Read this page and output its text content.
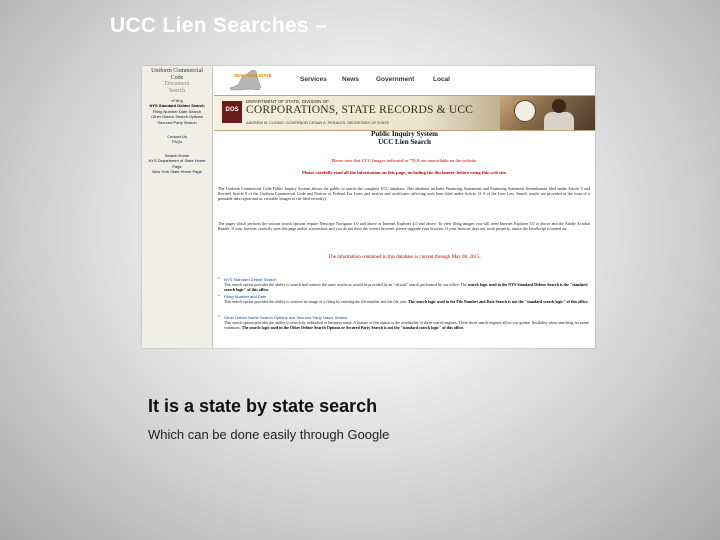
UCC Lien Searches –
Uniform Commercial
Code
Document
Search
eFiling
NYS Standard Debtor Search
Filing Number Date Search
Other Debtor Search Options
Secured Party Search
Contact Us
FAQs
Search Home
NYS Department of State Home
Page
New York State Home Page
NEW YORK STATE
Services News	Government	Local
DOS
DEPARTMENT OF STATE, DIVISION OF
CORPORATIONS, STATE RECORDS & UCC
ANDREW M. CUOMO, GOVERNOR CESAR A. PERALES, SECRETARY OF STATE
Public Inquiry System
UCC Lien Search
Please note that UCC Images indicated as *N/A are unavailable on the website.
Please carefully read all the information on this page, including the disclaimer, before using this web site.
The Uniform Commercial Code Public Inquiry System allows the public to search the complete UCC database. This database includes Financing Statements and Financing Statement Amendments filed under Article 9 and Revised Article 9 of the Uniform Commercial Code and Notices of Federal Tax Liens and notices and certificates affecting such liens filed under Article 13-A of the Lien Law. Search results are provided in the form of a printable data report and as viewable images of the filed record(s).
The pages which perform the various search options require Netscape Navigator 4.0 and above or Internet Explorer 4.0 and above. To view filing images you will need Internet Explorer 5.0 or above and the Adobe Acrobat Reader. If your browser correctly uses this page and/or screenshots and you do not have the correct browser, please upgrade your browser. If your browser does not work properly, insure the JavaScript is turned on.
The information contained in this database is current through May 08, 2015.
• NYS Standard Debtor Search
This search option provides the ability to search and retrieve the same results as would be provided by an "official" search performed by our office. The search logic used in the NYS Standard Debtor Search is the "standard search logic" of this office.
• Filing Number and Date
This search option provides the ability to retrieve an image of a filing by entering the file number and the file year. The search logic used in the File Number and Date Search is not the "standard search logic" of this office.
• Other Debtor Name Search Options and Secured Party Name Search
This search option provides the ability to search by individual or business name. A feature of this option is the availability of three search engines. These three search engines allow you greater flexibility when searching for name variations. The search logic used in the Other Debtor Search Options or Secured Party Search is not the "standard search logic" of this office.
It is a state by state search
Which can be done easily through Google
